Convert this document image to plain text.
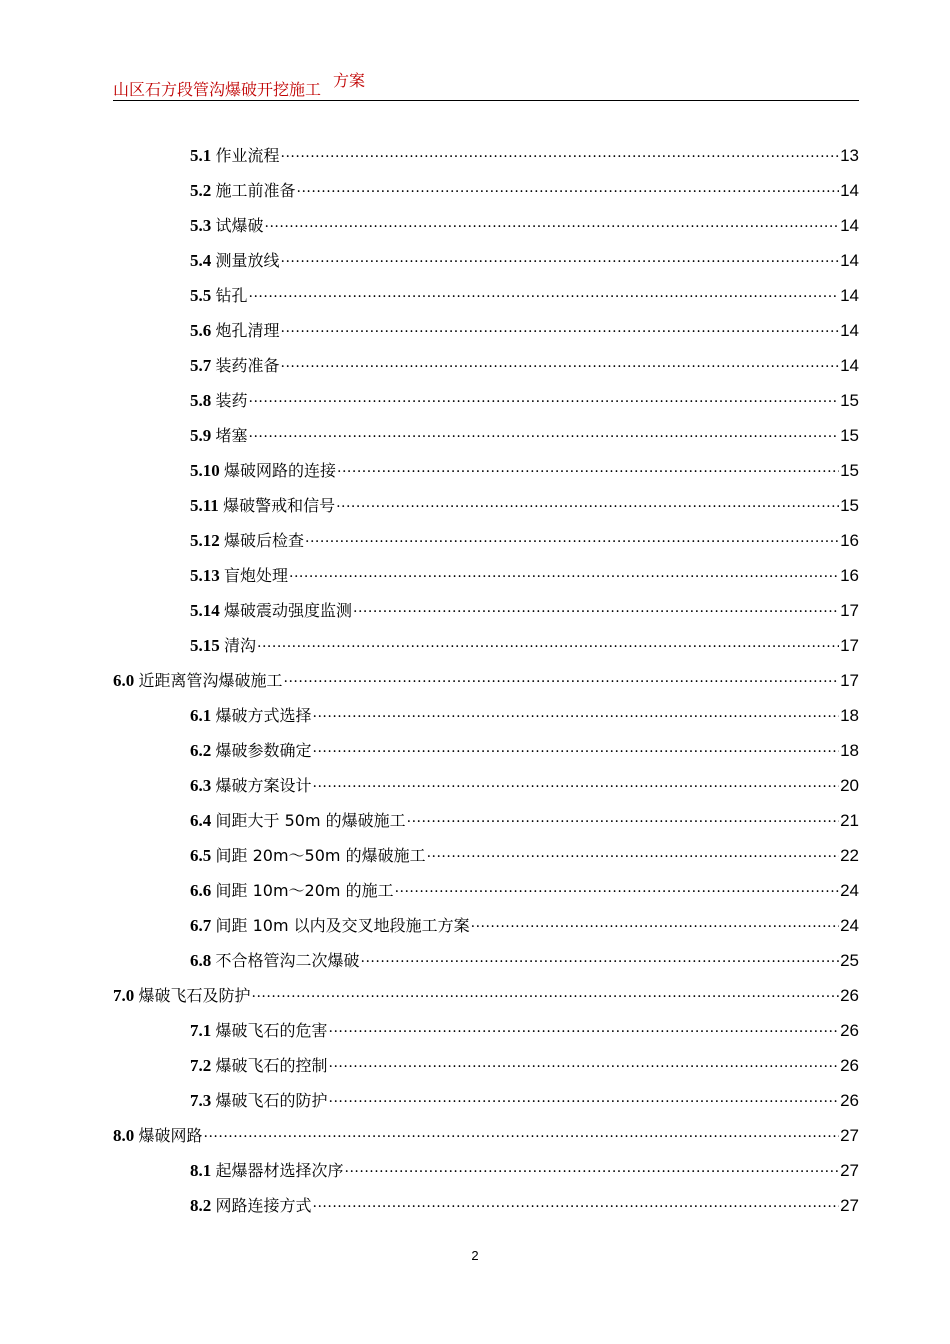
山区石方段管沟爆破开挖施工 方案
5.1 作业流程 .....	13
5.2 施工前准备 .....	14
5.3 试爆破 .....	14
5.4 测量放线 .....	14
5.5 钻孔 .....	14
5.6 炮孔清理 .....	14
5.7 装药准备 .....	14
5.8 装药 .....	15
5.9 堵塞 .....	15
5.10 爆破网路的连接 .....	15
5.11 爆破警戒和信号 .....	15
5.12 爆破后检查 .....	16
5.13 盲炮处理 .....	16
5.14 爆破震动强度监测 .....	17
5.15 清沟 .....	17
6.0 近距离管沟爆破施工 .....	17
6.1 爆破方式选择 .....	18
6.2 爆破参数确定 .....	18
6.3 爆破方案设计 .....	20
6.4 间距大于 50m 的爆破施工 .....	21
6.5 间距 20m～50m 的爆破施工 .....	22
6.6 间距 10m～20m 的施工 .....	24
6.7 间距 10m 以内及交叉地段施工方案 .....	24
6.8 不合格管沟二次爆破 .....	25
7.0 爆破飞石及防护 .....	26
7.1 爆破飞石的危害 .....	26
7.2 爆破飞石的控制 .....	26
7.3 爆破飞石的防护 .....	26
8.0 爆破网路 .....	27
8.1 起爆器材选择次序 .....	27
8.2 网路连接方式 .....	27
2
